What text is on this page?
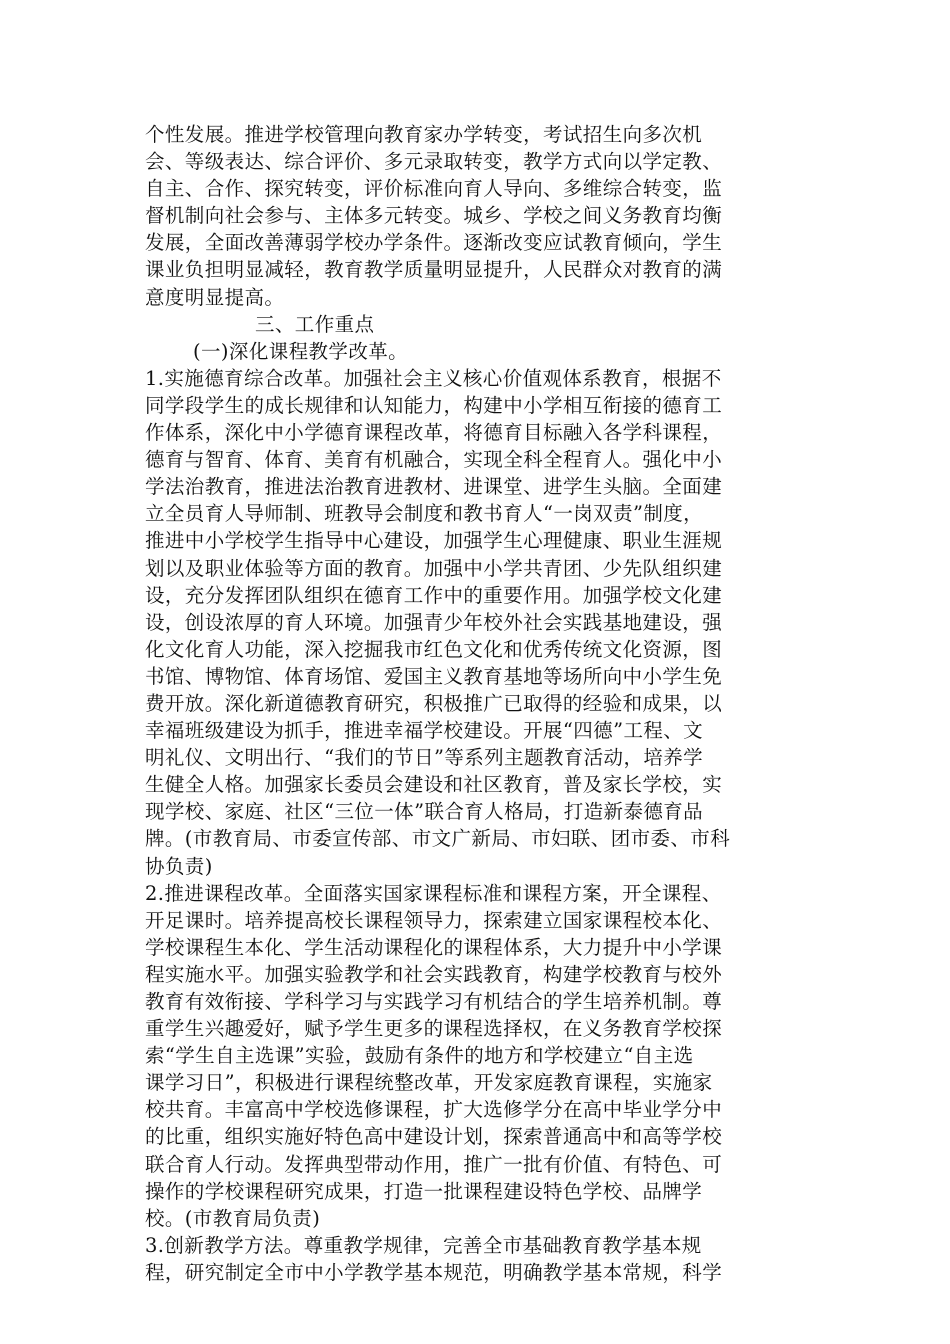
个性发展。推进学校管理向教育家办学转变，考试招生向多次机
会、等级表达、综合评价、多元录取转变，教学方式向以学定教、
自主、合作、探究转变，评价标准向育人导向、多维综合转变，监
督机制向社会参与、主体多元转变。城乡、学校之间义务教育均衡
发展，全面改善薄弱学校办学条件。逐渐改变应试教育倾向，学生
课业负担明显减轻，教育教学质量明显提升，人民群众对教育的满
意度明显提高。
三、工作重点
(一)深化课程教学改革。
1.实施德育综合改革。加强社会主义核心价值观体系教育，根据不
同学段学生的成长规律和认知能力，构建中小学相互衔接的德育工
作体系，深化中小学德育课程改革，将德育目标融入各学科课程，
德育与智育、体育、美育有机融合，实现全科全程育人。强化中小
学法治教育，推进法治教育进教材、进课堂、进学生头脑。全面建
立全员育人导师制、班教导会制度和教书育人“一岗双责”制度，
推进中小学校学生指导中心建设，加强学生心理健康、职业生涯规
划以及职业体验等方面的教育。加强中小学共青团、少先队组织建
设，充分发挥团队组织在德育工作中的重要作用。加强学校文化建
设，创设浓厚的育人环境。加强青少年校外社会实践基地建设，强
化文化育人功能，深入挖掘我市红色文化和优秀传统文化资源，图
书馆、博物馆、体育场馆、爱国主义教育基地等场所向中小学生免
费开放。深化新道德教育研究，积极推广已取得的经验和成果，以
幸福班级建设为抓手，推进幸福学校建设。开展“四德”工程、文
明礼仪、文明出行、“我们的节日”等系列主题教育活动，培养学
生健全人格。加强家长委员会建设和社区教育，普及家长学校，实
现学校、家庭、社区“三位一体”联合育人格局，打造新泰德育品
牌。(市教育局、市委宣传部、市文广新局、市妇联、团市委、市科
协负责)
2.推进课程改革。全面落实国家课程标准和课程方案，开全课程、
开足课时。培养提高校长课程领导力，探索建立国家课程校本化、
学校课程生本化、学生活动课程化的课程体系，大力提升中小学课
程实施水平。加强实验教学和社会实践教育，构建学校教育与校外
教育有效衔接、学科学习与实践学习有机结合的学生培养机制。尊
重学生兴趣爱好，赋予学生更多的课程选择权，在义务教育学校探
索“学生自主选课”实验，鼓励有条件的地方和学校建立“自主选
课学习日”，积极进行课程统整改革，开发家庭教育课程，实施家
校共育。丰富高中学校选修课程，扩大选修学分在高中毕业学分中
的比重，组织实施好特色高中建设计划，探索普通高中和高等学校
联合育人行动。发挥典型带动作用，推广一批有价值、有特色、可
操作的学校课程研究成果，打造一批课程建设特色学校、品牌学
校。(市教育局负责)
3.创新教学方法。尊重教学规律，完善全市基础教育教学基本规
程，研究制定全市中小学教学基本规范，明确教学基本常规，科学
